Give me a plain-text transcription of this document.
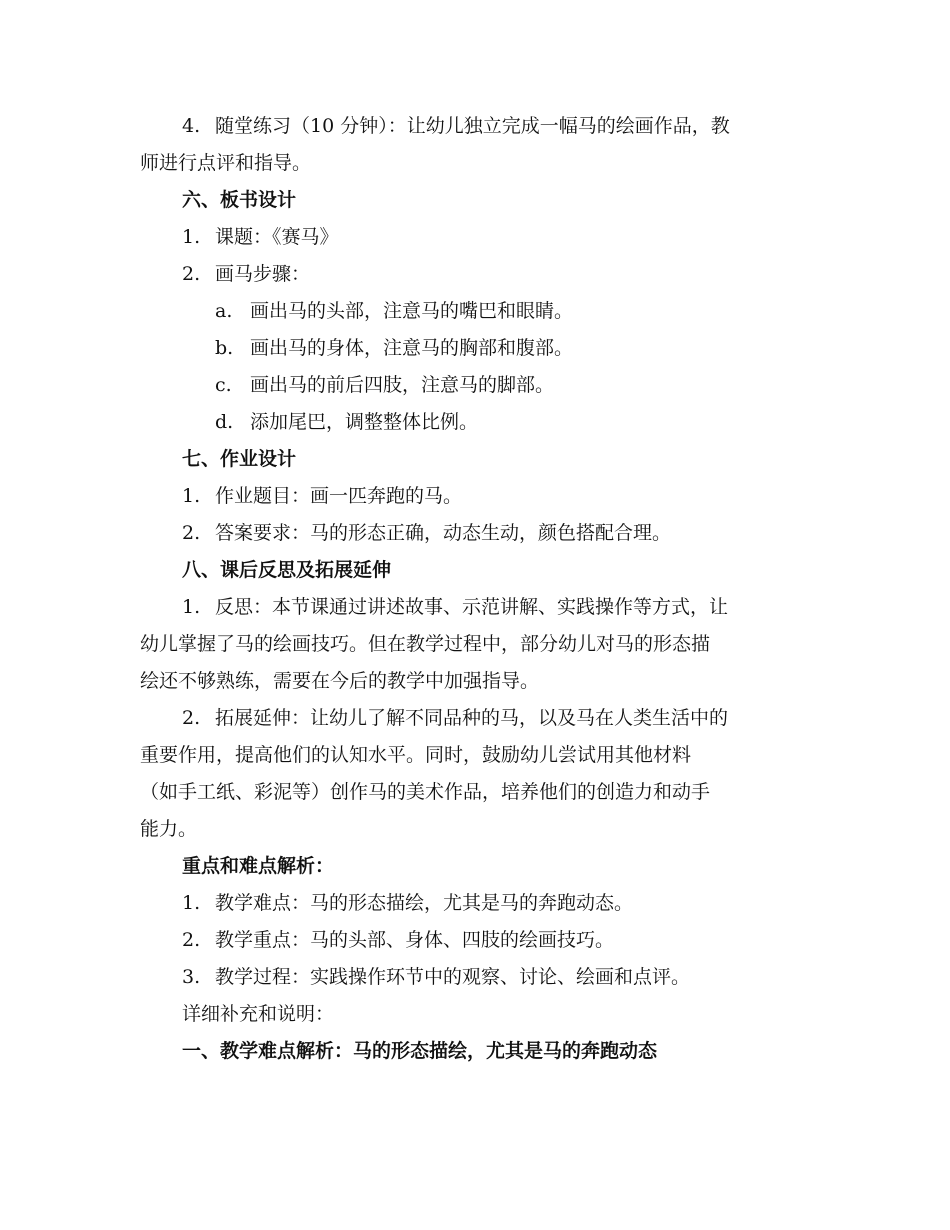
4. 随堂练习（10 分钟）：让幼儿独立完成一幅马的绘画作品，教
师进行点评和指导。
六、板书设计
1. 课题：《赛马》
2. 画马步骤：
a. 画出马的头部，注意马的嘴巴和眼睛。
b. 画出马的身体，注意马的胸部和腹部。
c. 画出马的前后四肢，注意马的脚部。
d. 添加尾巴，调整整体比例。
七、作业设计
1. 作业题目：画一匹奔跑的马。
2. 答案要求：马的形态正确，动态生动，颜色搭配合理。
八、课后反思及拓展延伸
1. 反思：本节课通过讲述故事、示范讲解、实践操作等方式，让
幼儿掌握了马的绘画技巧。但在教学过程中，部分幼儿对马的形态描
绘还不够熟练，需要在今后的教学中加强指导。
2. 拓展延伸：让幼儿了解不同品种的马，以及马在人类生活中的
重要作用，提高他们的认知水平。同时，鼓励幼儿尝试用其他材料
（如手工纸、彩泥等）创作马的美术作品，培养他们的创造力和动手
能力。
重点和难点解析：
1. 教学难点：马的形态描绘，尤其是马的奔跑动态。
2. 教学重点：马的头部、身体、四肢的绘画技巧。
3. 教学过程：实践操作环节中的观察、讨论、绘画和点评。
详细补充和说明：
一、教学难点解析：马的形态描绘，尤其是马的奔跑动态
